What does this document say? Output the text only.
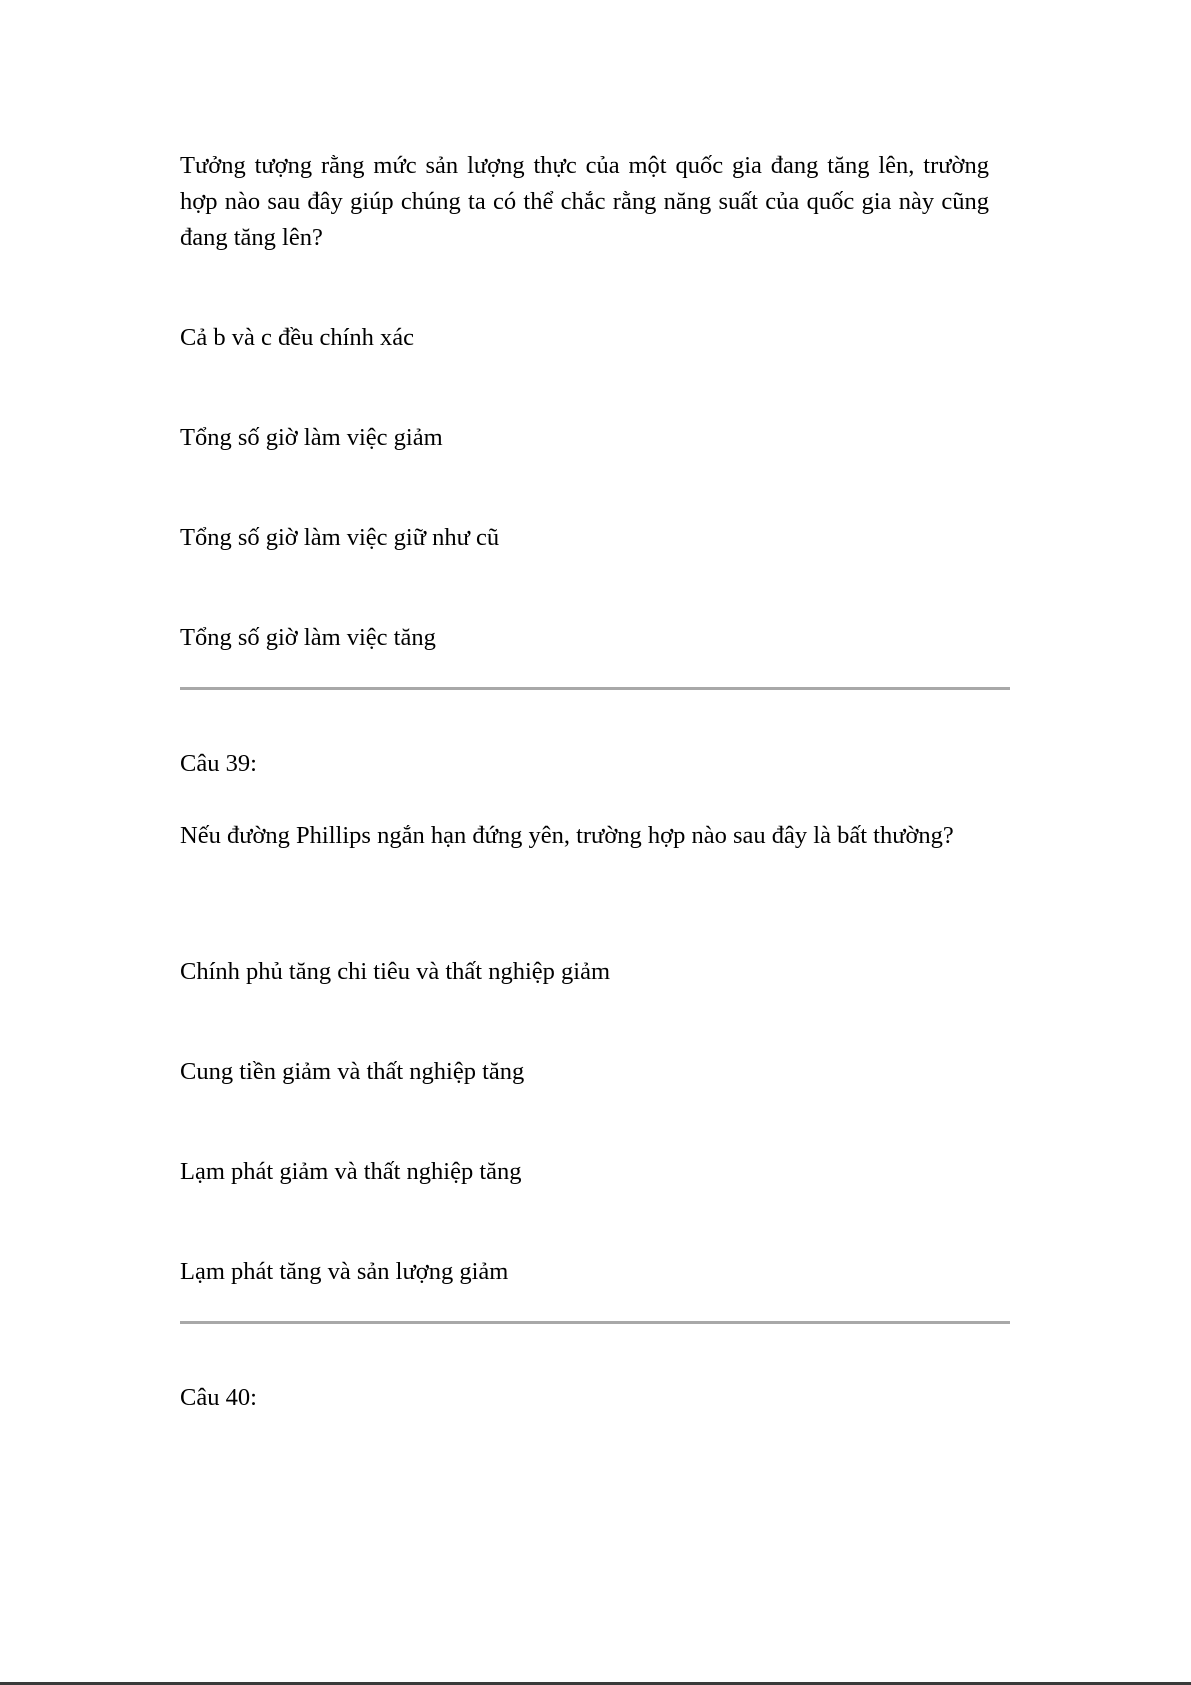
Tưởng tượng rằng mức sản lượng thực của một quốc gia đang tăng lên, trường hợp nào sau đây giúp chúng ta có thể chắc rằng năng suất của quốc gia này cũng đang tăng lên?

Cả b và c đều chính xác

Tổng số giờ làm việc giảm

Tổng số giờ làm việc giữ như cũ

Tổng số giờ làm việc tăng

Câu 39:

Nếu đường Phillips ngắn hạn đứng yên, trường hợp nào sau đây là bất thường?

Chính phủ tăng chi tiêu và thất nghiệp giảm

Cung tiền giảm và thất nghiệp tăng

Lạm phát giảm và thất nghiệp tăng

Lạm phát tăng và sản lượng giảm

Câu 40:
